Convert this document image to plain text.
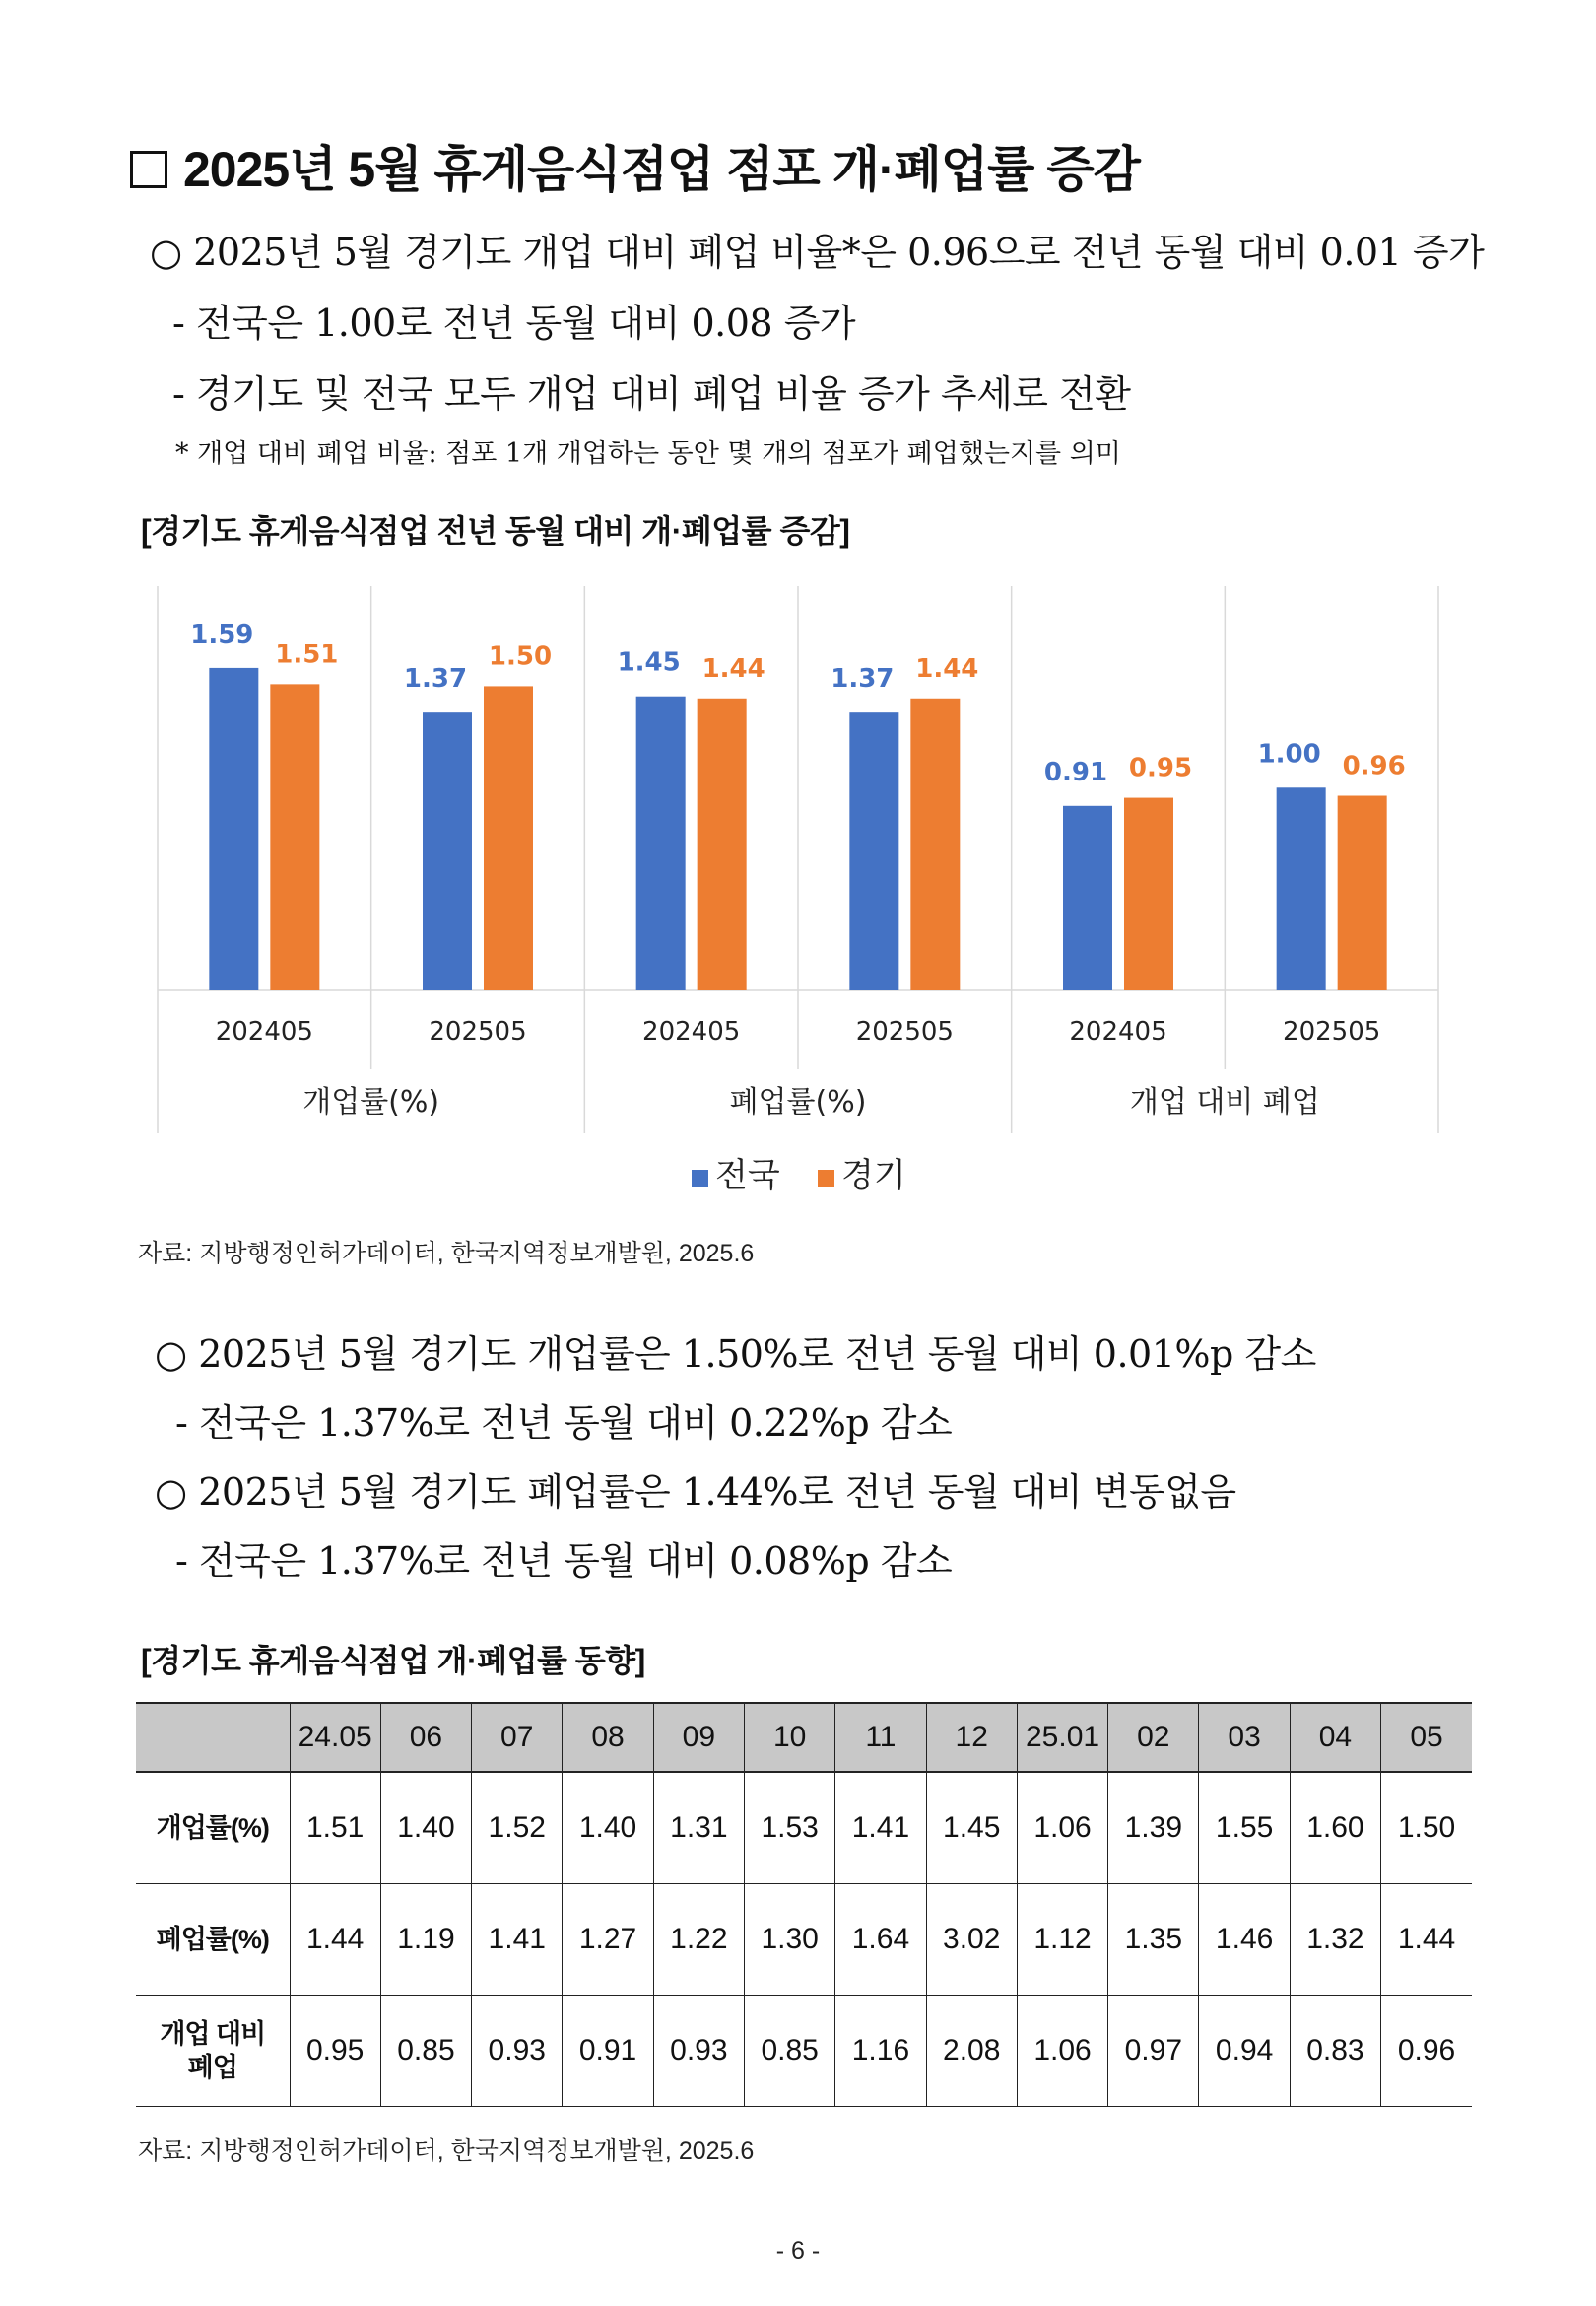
2025년 5월 휴게음식점업 점포 개·폐업률 증감
○ 2025년 5월 경기도 개업 대비 폐업 비율*은 0.96으로 전년 동월 대비 0.01 증가
- 전국은 1.00로 전년 동월 대비 0.08 증가
- 경기도 및 전국 모두 개업 대비 폐업 비율 증가 추세로 전환
* 개업 대비 폐업 비율: 점포 1개 개업하는 동안 몇 개의 점포가 폐업했는지를 의미
[경기도 휴게음식점업 전년 동월 대비 개·폐업률 증감]
1.59
1.51
202405
1.37
1.50
202505
1.45 1.44
202405
1.37 1.44
202505
0.91 0.95
202405
1.00 0.96
202505
개업률(%)	폐업률(%)	개업 대비 폐업
전국 경기
자료: 지방행정인허가데이터, 한국지역정보개발원, 2025.6
○ 2025년 5월 경기도 개업률은 1.50%로 전년 동월 대비 0.01%p 감소
- 전국은 1.37%로 전년 동월 대비 0.22%p 감소
○ 2025년 5월 경기도 폐업률은 1.44%로 전년 동월 대비 변동없음
- 전국은 1.37%로 전년 동월 대비 0.08%p 감소
[경기도 휴게음식점업 개·폐업률 동향]
	24.05	06	07	08	09	10	11	12	25.01	02	03	04	05
개업률(%)	1.51	1.40	1.52	1.40	1.31	1.53	1.41	1.45	1.06	1.39	1.55	1.60	1.50
폐업률(%)	1.44	1.19	1.41	1.27	1.22	1.30	1.64	3.02	1.12	1.35	1.46	1.32	1.44

개업 대비
폐업	0.95	0.85	0.93	0.91	0.93	0.85	1.16	2.08	1.06	0.97	0.94	0.83	0.96
자료: 지방행정인허가데이터, 한국지역정보개발원, 2025.6
- 6 -
